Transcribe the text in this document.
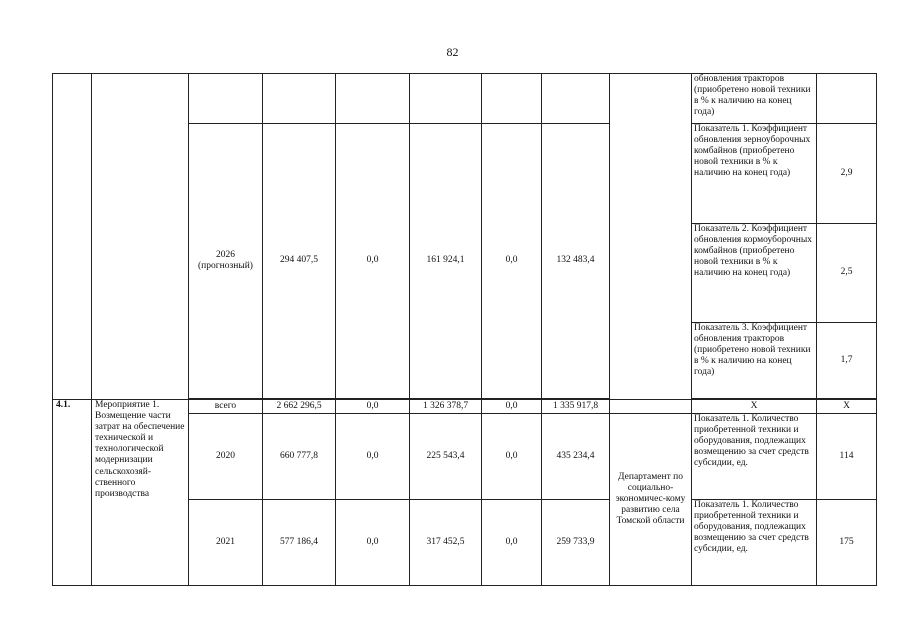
82
									обновления тракторов (приобретено новой техники в % к наличию на конец года)	
		2026 (прогнозный)	294 407,5	0,0	161 924,1	0,0	132 483,4		Показатель 1. Коэффициент обновления зерноуборочных комбайнов (приобретено новой техники в % к наличию на конец года)	2,9
									Показатель 2. Коэффициент обновления кормоуборочных комбайнов (приобретено новой техники в % к наличию на конец года)	2,5
									Показатель 3. Коэффициент обновления тракторов (приобретено новой техники в % к наличию на конец года)	1,7

4.1.	Мероприятие 1. Возмещение части затрат на обеспечение технической и технологической модернизации сельскохозяй-ственного производства	всего	2 662 296,5	0,0	1 326 378,7	0,0	1 335 917,8		X	X
		2020	660 777,8	0,0	225 543,4	0,0	435 234,4	Департамент по социально-экономичес-кому развитию села Томской области	Показатель 1. Количество приобретенной техники и оборудования, подлежащих возмещению за счет средств субсидии, ед.	114
		2021	577 186,4	0,0	317 452,5	0,0	259 733,9		Показатель 1. Количество приобретенной техники и оборудования, подлежащих возмещению за счет средств субсидии, ед.	175
